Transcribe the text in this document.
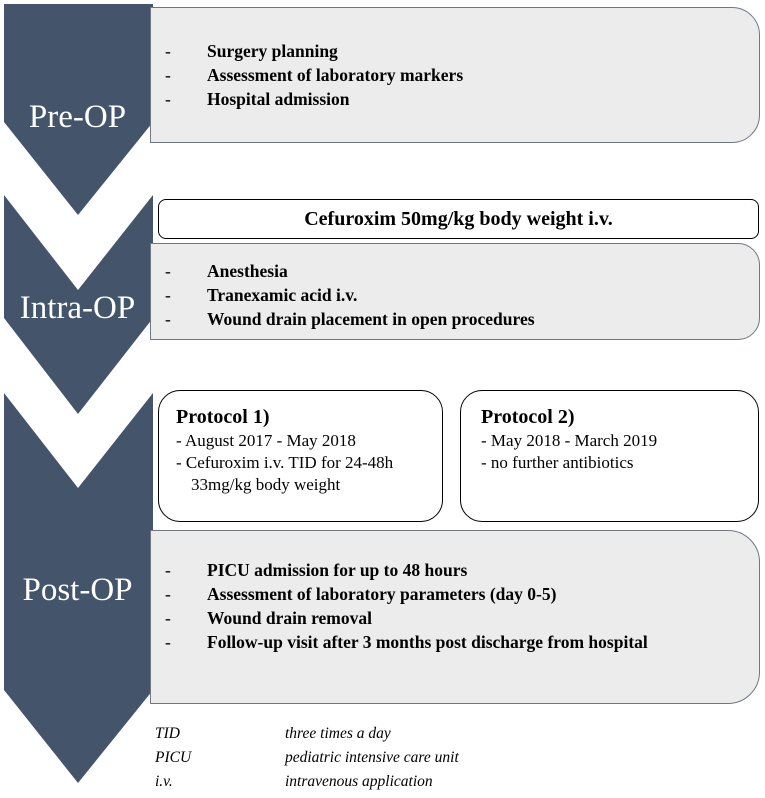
Pre-OP
Intra-OP
Post-OP
- Surgery planning
- Assessment of laboratory markers
- Hospital admission
Cefuroxim 50mg/kg body weight i.v.
- Anesthesia
- Tranexamic acid i.v.
- Wound drain placement in open procedures
Protocol 1)
- August 2017 - May 2018
- Cefuroxim i.v. TID for 24-48h
33mg/kg body weight
Protocol 2)
- May 2018 - March 2019
- no further antibiotics
- PICU admission for up to 48 hours
- Assessment of laboratory parameters (day 0-5)
- Wound drain removal
- Follow-up visit after 3 months post discharge from hospital
TID	three times a day
PICU	pediatric intensive care unit
i.v.	intravenous application
